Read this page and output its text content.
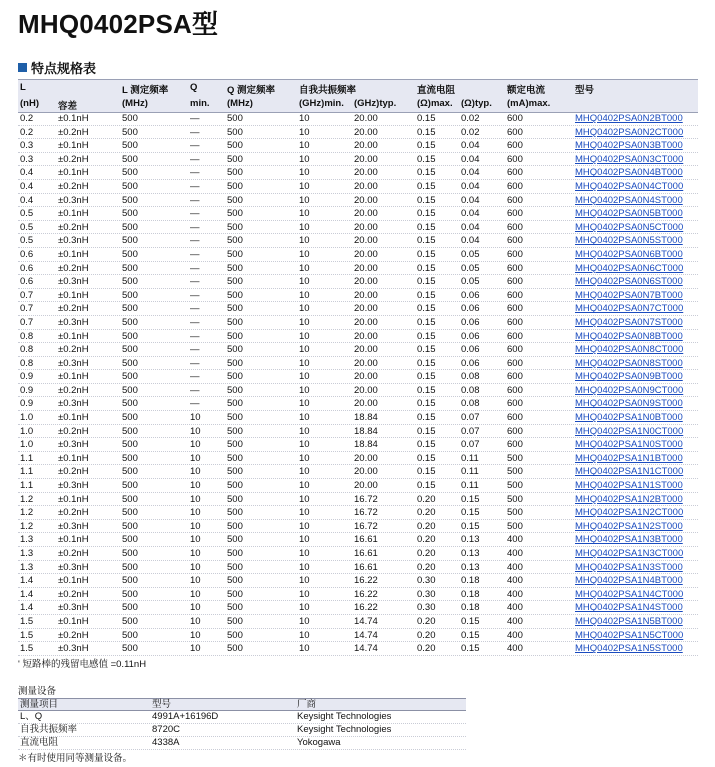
MHQ0402PSA型
特点规格表
L	L 测定频率 Q	Q 测定频率	自我共振频率	直流电阻	额定电流	型号
(nH) 容差	(MHz)	min. (MHz)	(GHz)min. (GHz)typ. (Ω)max. (Ω)typ. (mA)max.
0.2	±0.1nH	500	—	500	10	20.00	0.15	0.02	600	MHQ0402PSA0N2BT000
0.2	±0.2nH	500	—	500	10	20.00	0.15	0.02	600	MHQ0402PSA0N2CT000
0.3	±0.1nH	500	—	500	10	20.00	0.15	0.04	600	MHQ0402PSA0N3BT000
0.3	±0.2nH	500	—	500	10	20.00	0.15	0.04	600	MHQ0402PSA0N3CT000
0.4	±0.1nH	500	—	500	10	20.00	0.15	0.04	600	MHQ0402PSA0N4BT000
0.4	±0.2nH	500	—	500	10	20.00	0.15	0.04	600	MHQ0402PSA0N4CT000
0.4	±0.3nH	500	—	500	10	20.00	0.15	0.04	600	MHQ0402PSA0N4ST000
0.5	±0.1nH	500	—	500	10	20.00	0.15	0.04	600	MHQ0402PSA0N5BT000
0.5	±0.2nH	500	—	500	10	20.00	0.15	0.04	600	MHQ0402PSA0N5CT000
0.5	±0.3nH	500	—	500	10	20.00	0.15	0.04	600	MHQ0402PSA0N5ST000
0.6	±0.1nH	500	—	500	10	20.00	0.15	0.05	600	MHQ0402PSA0N6BT000
0.6	±0.2nH	500	—	500	10	20.00	0.15	0.05	600	MHQ0402PSA0N6CT000
0.6	±0.3nH	500	—	500	10	20.00	0.15	0.05	600	MHQ0402PSA0N6ST000
0.7	±0.1nH	500	—	500	10	20.00	0.15	0.06	600	MHQ0402PSA0N7BT000
0.7	±0.2nH	500	—	500	10	20.00	0.15	0.06	600	MHQ0402PSA0N7CT000
0.7	±0.3nH	500	—	500	10	20.00	0.15	0.06	600	MHQ0402PSA0N7ST000
0.8	±0.1nH	500	—	500	10	20.00	0.15	0.06	600	MHQ0402PSA0N8BT000
0.8	±0.2nH	500	—	500	10	20.00	0.15	0.06	600	MHQ0402PSA0N8CT000
0.8	±0.3nH	500	—	500	10	20.00	0.15	0.06	600	MHQ0402PSA0N8ST000
0.9	±0.1nH	500	—	500	10	20.00	0.15	0.08	600	MHQ0402PSA0N9BT000
0.9	±0.2nH	500	—	500	10	20.00	0.15	0.08	600	MHQ0402PSA0N9CT000
0.9	±0.3nH	500	—	500	10	20.00	0.15	0.08	600	MHQ0402PSA0N9ST000
1.0	±0.1nH	500	10	500	10	18.84	0.15	0.07	600	MHQ0402PSA1N0BT000
1.0	±0.2nH	500	10	500	10	18.84	0.15	0.07	600	MHQ0402PSA1N0CT000
1.0	±0.3nH	500	10	500	10	18.84	0.15	0.07	600	MHQ0402PSA1N0ST000
1.1	±0.1nH	500	10	500	10	20.00	0.15	0.11	500	MHQ0402PSA1N1BT000
1.1	±0.2nH	500	10	500	10	20.00	0.15	0.11	500	MHQ0402PSA1N1CT000
1.1	±0.3nH	500	10	500	10	20.00	0.15	0.11	500	MHQ0402PSA1N1ST000
1.2	±0.1nH	500	10	500	10	16.72	0.20	0.15	500	MHQ0402PSA1N2BT000
1.2	±0.2nH	500	10	500	10	16.72	0.20	0.15	500	MHQ0402PSA1N2CT000
1.2	±0.3nH	500	10	500	10	16.72	0.20	0.15	500	MHQ0402PSA1N2ST000
1.3	±0.1nH	500	10	500	10	16.61	0.20	0.13	400	MHQ0402PSA1N3BT000
1.3	±0.2nH	500	10	500	10	16.61	0.20	0.13	400	MHQ0402PSA1N3CT000
1.3	±0.3nH	500	10	500	10	16.61	0.20	0.13	400	MHQ0402PSA1N3ST000
1.4	±0.1nH	500	10	500	10	16.22	0.30	0.18	400	MHQ0402PSA1N4BT000
1.4	±0.2nH	500	10	500	10	16.22	0.30	0.18	400	MHQ0402PSA1N4CT000
1.4	±0.3nH	500	10	500	10	16.22	0.30	0.18	400	MHQ0402PSA1N4ST000
1.5	±0.1nH	500	10	500	10	14.74	0.20	0.15	400	MHQ0402PSA1N5BT000
1.5	±0.2nH	500	10	500	10	14.74	0.20	0.15	400	MHQ0402PSA1N5CT000
1.5	±0.3nH	500	10	500	10	14.74	0.20	0.15	400	MHQ0402PSA1N5ST000
' 短路棒的残留电感值 =0.11nH
测量设备
测量项目	型号	厂商
L、Q	4991A+16196D	Keysight Technologies
自我共振频率	8720C	Keysight Technologies
直流电阻	4338A	Yokogawa
＊有时使用同等测量设备。
